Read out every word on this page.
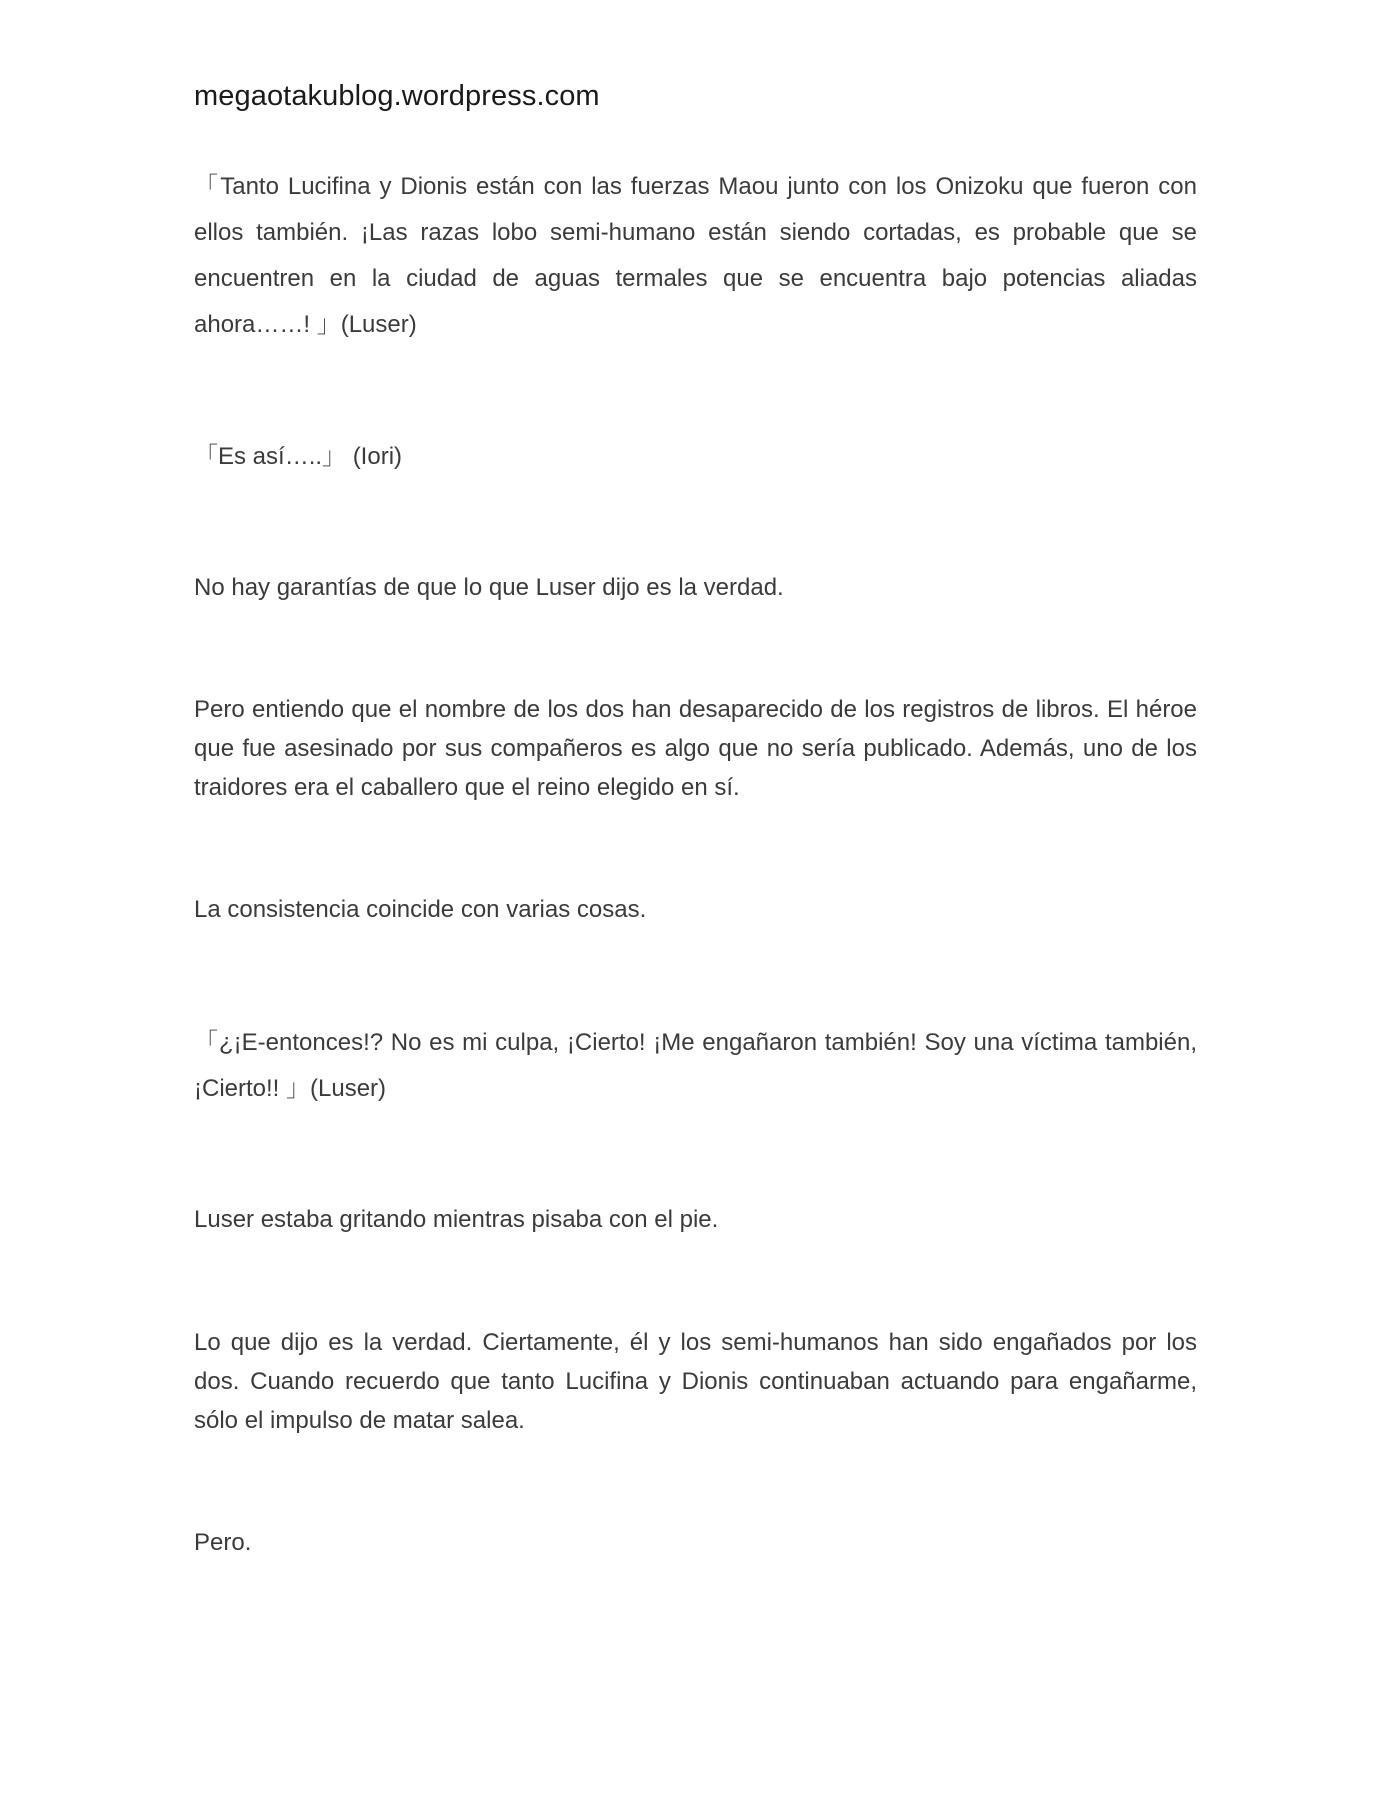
megaotakublog.wordpress.com

「Tanto Lucifina y Dionis están con las fuerzas Maou junto con los Onizoku que fueron con ellos también. ¡Las razas lobo semi-humano están siendo cortadas, es probable que se encuentren en la ciudad de aguas termales que se encuentra bajo potencias aliadas ahora……! 」(Luser)

「Es así…..」 (Iori)

No hay garantías de que lo que Luser dijo es la verdad.

Pero entiendo que el nombre de los dos han desaparecido de los registros de libros. El héroe que fue asesinado por sus compañeros es algo que no sería publicado. Además, uno de los traidores era el caballero que el reino elegido en sí.

La consistencia coincide con varias cosas.

「¿¡E-entonces!? No es mi culpa, ¡Cierto! ¡Me engañaron también! Soy una víctima también, ¡Cierto!! 」(Luser)

Luser estaba gritando mientras pisaba con el pie.

Lo que dijo es la verdad. Ciertamente, él y los semi-humanos han sido engañados por los dos. Cuando recuerdo que tanto Lucifina y Dionis continuaban actuando para engañarme, sólo el impulso de matar salea.

Pero.
